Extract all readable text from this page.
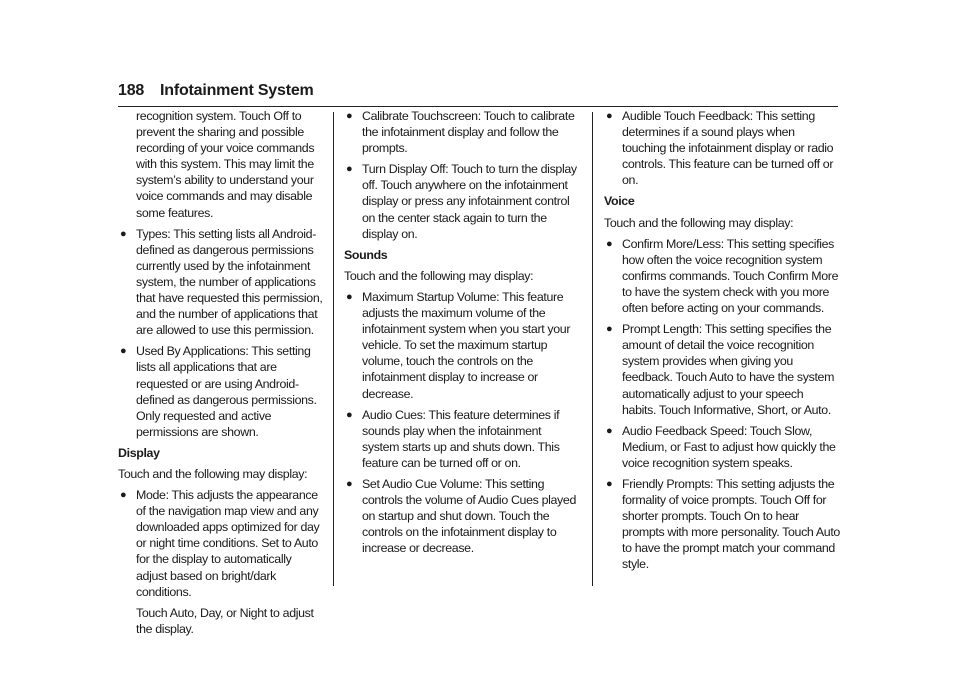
188 Infotainment System

recognition system. Touch Off to prevent the sharing and possible recording of your voice commands with this system. This may limit the system’s ability to understand your voice commands and may disable some features.

● Types: This setting lists all Android-defined as dangerous permissions currently used by the infotainment system, the number of applications that have requested this permission, and the number of applications that are allowed to use this permission.
● Used By Applications: This setting lists all applications that are requested or are using Android-defined as dangerous permissions. Only requested and active permissions are shown.

Display

Touch and the following may display:

● Mode: This adjusts the appearance of the navigation map view and any downloaded apps optimized for day or night time conditions. Set to Auto for the display to automatically adjust based on bright/dark conditions.

Touch Auto, Day, or Night to adjust the display.

● Calibrate Touchscreen: Touch to calibrate the infotainment display and follow the prompts.
● Turn Display Off: Touch to turn the display off. Touch anywhere on the infotainment display or press any infotainment control on the center stack again to turn the display on.

Sounds

Touch and the following may display:

● Maximum Startup Volume: This feature adjusts the maximum volume of the infotainment system when you start your vehicle. To set the maximum startup volume, touch the controls on the infotainment display to increase or decrease.
● Audio Cues: This feature determines if sounds play when the infotainment system starts up and shuts down. This feature can be turned off or on.
● Set Audio Cue Volume: This setting controls the volume of Audio Cues played on startup and shut down. Touch the controls on the infotainment display to increase or decrease.
● Audible Touch Feedback: This setting determines if a sound plays when touching the infotainment display or radio controls. This feature can be turned off or on.

Voice

Touch and the following may display:

● Confirm More/Less: This setting specifies how often the voice recognition system confirms commands. Touch Confirm More to have the system check with you more often before acting on your commands.
● Prompt Length: This setting specifies the amount of detail the voice recognition system provides when giving you feedback. Touch Auto to have the system automatically adjust to your speech habits. Touch Informative, Short, or Auto.
● Audio Feedback Speed: Touch Slow, Medium, or Fast to adjust how quickly the voice recognition system speaks.
● Friendly Prompts: This setting adjusts the formality of voice prompts. Touch Off for shorter prompts. Touch On to hear prompts with more personality. Touch Auto to have the prompt match your command style.
